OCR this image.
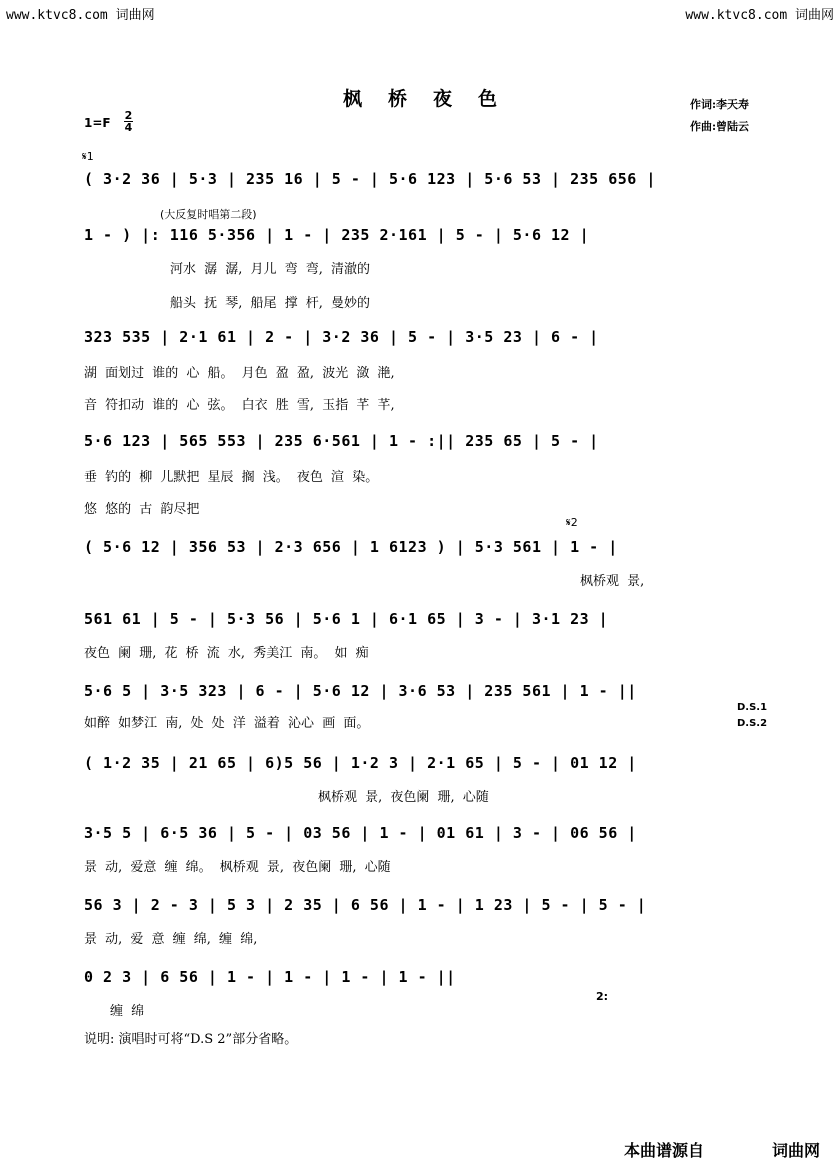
www.ktvc8.com 词曲网	www.ktvc8.com 词曲网
枫桥夜色	作词:李天寿
作曲:曾陆云
1=F
2
4
𝄋1
(大反复时唱第二段)
𝄋2
( 3·2 36 | 5·3 | 235 16 | 5 - | 5·6 123 | 5·6 53 | 235 656 |
1 - ) |: 116 5·356 | 1 - | 235 2·161 | 5 - | 5·6 12 |
河水 潺 潺, 月儿 弯 弯, 清澈的
船头 抚 琴, 船尾 撑 杆, 曼妙的
323 535 | 2·1 61 | 2 - | 3·2 36 | 5 - | 3·5 23 | 6 - |
湖 面划过 谁的 心 船。 月色 盈 盈, 波光 潋 滟,
音 符扣动 谁的 心 弦。 白衣 胜 雪, 玉指 芊 芊,
5·6 123 | 565 553 | 235 6·561 | 1 - :|| 235 65 | 5 - |
垂 钓的 柳 儿默把 星辰 搁 浅。 夜色 渲 染。
悠 悠的 古 韵尽把
( 5·6 12 | 356 53 | 2·3 656 | 1 6123 ) | 5·3 561 | 1 - |
枫桥观 景,
561 61 | 5 - | 5·3 56 | 5·6 1 | 6·1 65 | 3 - | 3·1 23 |
夜色 阑 珊, 花 桥 流 水, 秀美江 南。 如 痴
5·6 5 | 3·5 323 | 6 - | 5·6 12 | 3·6 53 | 235 561 | 1 - ||
如醉 如梦江 南, 处 处 洋 溢着 沁心 画 面。
D.S.1
D.S.2
( 1·2 35 | 21 65 | 6)5 56 | 1·2 3 | 2·1 65 | 5 - | 01 12 |
枫桥观 景, 夜色阑 珊, 心随
3·5 5 | 6·5 36 | 5 - | 03 56 | 1 - | 01 61 | 3 - | 06 56 |
景 动, 爱意 缠 绵。 枫桥观 景, 夜色阑 珊, 心随
56 3 | 2 - 3 | 5 3 | 2 35 | 6 56 | 1 - | 1 23 | 5 - | 5 - |
景 动, 爱 意 缠 绵, 缠 绵,
0 2 3 | 6 56 | 1 - | 1 - | 1 - | 1 - ||
缠 绵
2:
说明: 演唱时可将“D.S 2”部分省略。
本曲谱源自	词曲网
